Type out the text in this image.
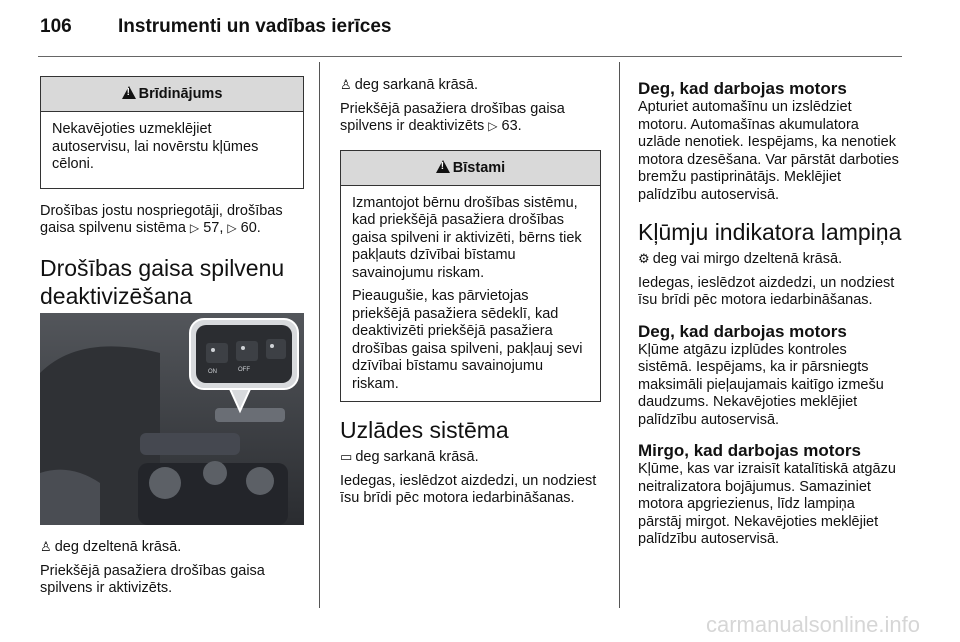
106 Instrumenti un vadības ierīces
!Brīdinājums

Nekavējoties uzmeklējiet autoservisu, lai novērstu kļūmes cēloni.

Drošības jostu nospriegotāji, drošības gaisa spilvenu sistēma ▷ 57, ▷ 60.

Drošības gaisa spilvenu deaktivizēšana
ON	OFF

♙ deg dzeltenā krāsā.

Priekšējā pasažiera drošības gaisa spilvens ir aktivizēts.

♙ deg sarkanā krāsā.

Priekšējā pasažiera drošības gaisa spilvens ir deaktivizēts ▷ 63.

!Bīstami

Izmantojot bērnu drošības sistēmu, kad priekšējā pasažiera drošības gaisa spilveni ir aktivizēti, bērns tiek pakļauts dzīvībai bīstamu savainojumu riskam.

Pieaugušie, kas pārvietojas priekšējā pasažiera sēdeklī, kad deaktivizēti priekšējā pasažiera drošības gaisa spilveni, pakļauj sevi dzīvībai bīstamu savainojumu riskam.

Uzlādes sistēma

▭ deg sarkanā krāsā.

Iedegas, ieslēdzot aizdedzi, un nodziest īsu brīdi pēc motora iedarbināšanas.

Deg, kad darbojas motors

Apturiet automašīnu un izslēdziet motoru. Automašīnas akumulatora uzlāde nenotiek. Iespējams, ka nenotiek motora dzesēšana. Var pārstāt darboties bremžu pastiprinātājs. Meklējiet palīdzību autoservisā.

Kļūmju indikatora lampiņa

⚙ deg vai mirgo dzeltenā krāsā.

Iedegas, ieslēdzot aizdedzi, un nodziest īsu brīdi pēc motora iedarbināšanas.

Deg, kad darbojas motors

Kļūme atgāzu izplūdes kontroles sistēmā. Iespējams, ka ir pārsniegts maksimāli pieļaujamais kaitīgo izmešu daudzums. Nekavējoties meklējiet palīdzību autoservisā.

Mirgo, kad darbojas motors

Kļūme, kas var izraisīt katalītiskā atgāzu neitralizatora bojājumus. Samaziniet motora apgriezienus, līdz lampiņa pārstāj mirgot. Nekavējoties meklējiet palīdzību autoservisā.

carmanualsonline.info
